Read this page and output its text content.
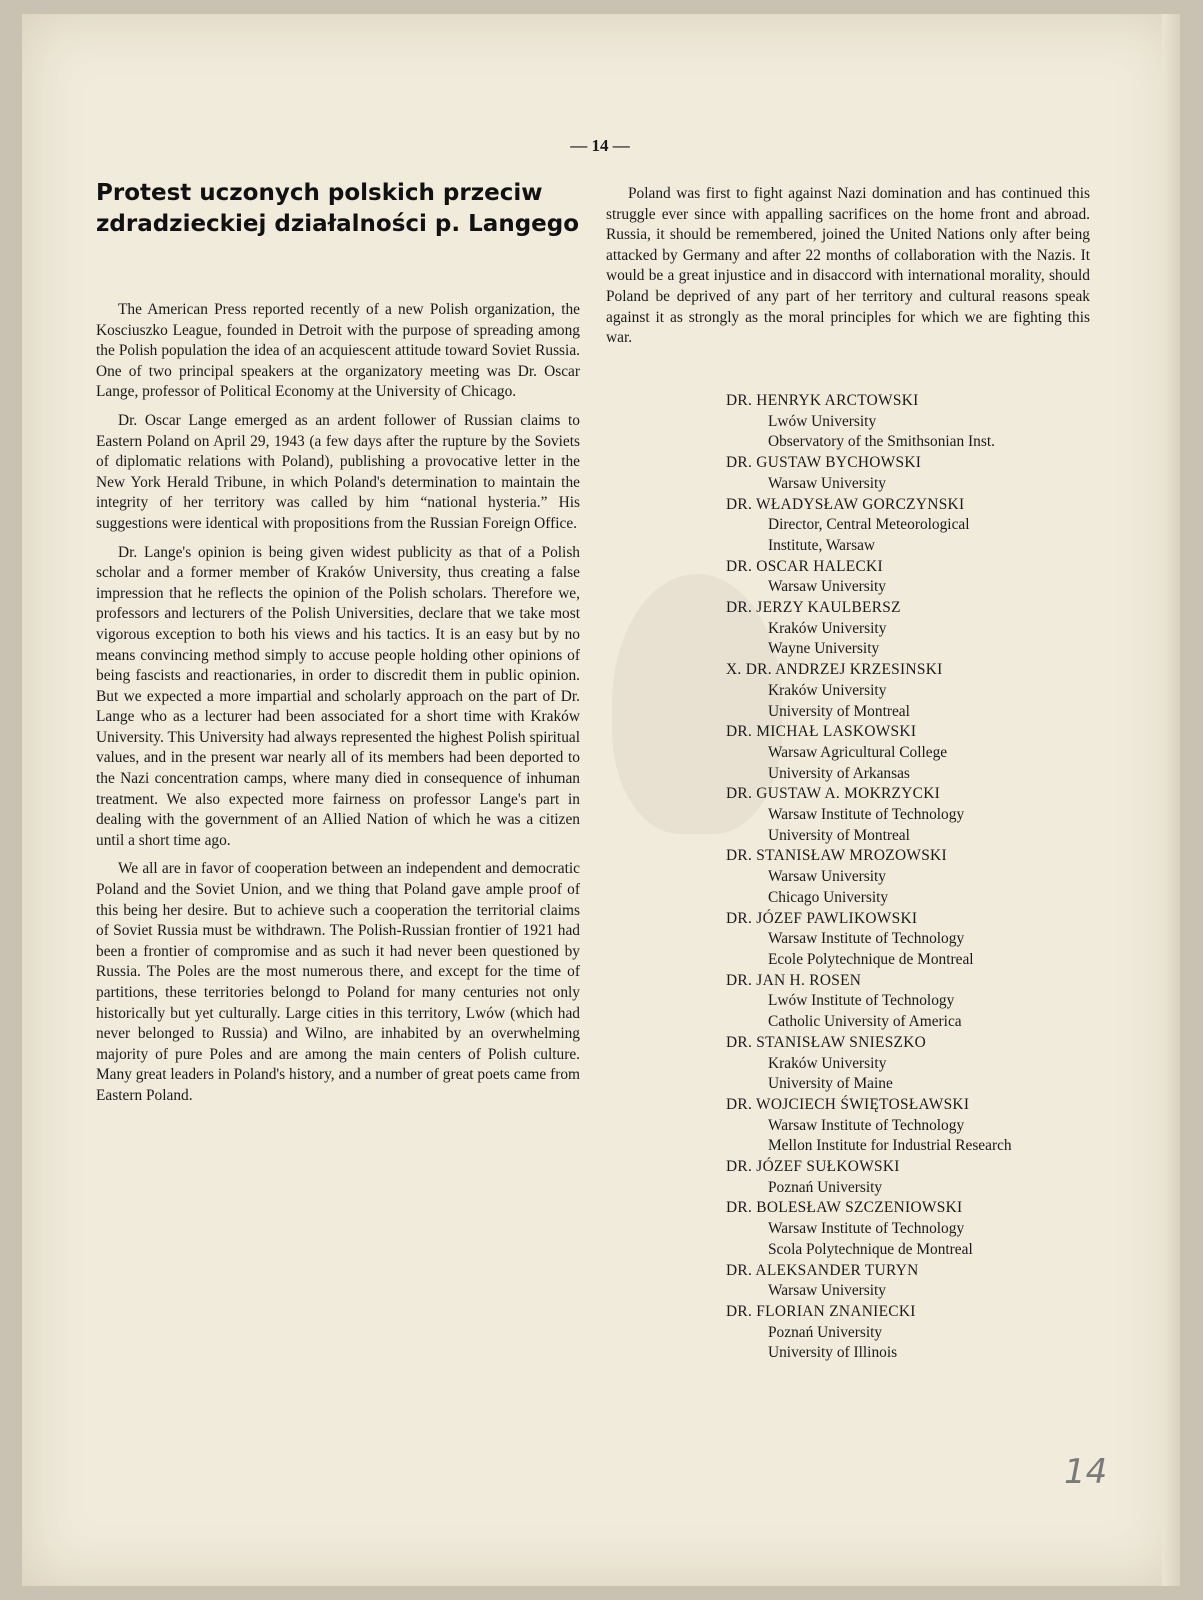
— 14 —
Protest uczonych polskich przeciw zdradzieckiej działalności p. Langego

The American Press reported recently of a new Polish organization, the Kosciuszko League, founded in Detroit with the purpose of spreading among the Polish population the idea of an acquiescent attitude toward Soviet Russia. One of two principal speakers at the organizatory meeting was Dr. Oscar Lange, professor of Political Economy at the University of Chicago.

Dr. Oscar Lange emerged as an ardent follower of Russian claims to Eastern Poland on April 29, 1943 (a few days after the rupture by the Soviets of diplomatic relations with Poland), publishing a provocative letter in the New York Herald Tribune, in which Poland's determination to maintain the integrity of her territory was called by him “national hysteria.” His suggestions were identical with propositions from the Russian Foreign Office.

Dr. Lange's opinion is being given widest publicity as that of a Polish scholar and a former member of Kraków University, thus creating a false impression that he reflects the opinion of the Polish scholars. Therefore we, professors and lecturers of the Polish Universities, declare that we take most vigorous exception to both his views and his tactics. It is an easy but by no means convincing method simply to accuse people holding other opinions of being fascists and reactionaries, in order to discredit them in public opinion. But we expected a more impartial and scholarly approach on the part of Dr. Lange who as a lecturer had been associated for a short time with Kraków University. This University had always represented the highest Polish spiritual values, and in the present war nearly all of its members had been deported to the Nazi concentration camps, where many died in consequence of inhuman treatment. We also expected more fairness on professor Lange's part in dealing with the government of an Allied Nation of which he was a citizen until a short time ago.

We all are in favor of cooperation between an independent and democratic Poland and the Soviet Union, and we thing that Poland gave ample proof of this being her desire. But to achieve such a cooperation the territorial claims of Soviet Russia must be withdrawn. The Polish-Russian frontier of 1921 had been a frontier of compromise and as such it had never been questioned by Russia. The Poles are the most numerous there, and except for the time of partitions, these territories belongd to Poland for many centuries not only historically but yet culturally. Large cities in this territory, Lwów (which had never belonged to Russia) and Wilno, are inhabited by an overwhelming majority of pure Poles and are among the main centers of Polish culture. Many great leaders in Poland's history, and a number of great poets came from Eastern Poland.

Poland was first to fight against Nazi domination and has continued this struggle ever since with appalling sacrifices on the home front and abroad. Russia, it should be remembered, joined the United Nations only after being attacked by Germany and after 22 months of collaboration with the Nazis. It would be a great injustice and in disaccord with international morality, should Poland be deprived of any part of her territory and cultural reasons speak against it as strongly as the moral principles for which we are fighting this war.

DR. HENRYK ARCTOWSKI
Lwów University
Observatory of the Smithsonian Inst.
DR. GUSTAW BYCHOWSKI
Warsaw University
DR. WŁADYSŁAW GORCZYNSKI
Director, Central Meteorological
Institute, Warsaw
DR. OSCAR HALECKI
Warsaw University
DR. JERZY KAULBERSZ
Kraków University
Wayne University
X. DR. ANDRZEJ KRZESINSKI
Kraków University
University of Montreal
DR. MICHAŁ LASKOWSKI
Warsaw Agricultural College
University of Arkansas
DR. GUSTAW A. MOKRZYCKI
Warsaw Institute of Technology
University of Montreal
DR. STANISŁAW MROZOWSKI
Warsaw University
Chicago University
DR. JÓZEF PAWLIKOWSKI
Warsaw Institute of Technology
Ecole Polytechnique de Montreal
DR. JAN H. ROSEN
Lwów Institute of Technology
Catholic University of America
DR. STANISŁAW SNIESZKO
Kraków University
University of Maine
DR. WOJCIECH ŚWIĘTOSŁAWSKI
Warsaw Institute of Technology
Mellon Institute for Industrial Research
DR. JÓZEF SUŁKOWSKI
Poznań University
DR. BOLESŁAW SZCZENIOWSKI
Warsaw Institute of Technology
Scola Polytechnique de Montreal
DR. ALEKSANDER TURYN
Warsaw University
DR. FLORIAN ZNANIECKI
Poznań University
University of Illinois
14
